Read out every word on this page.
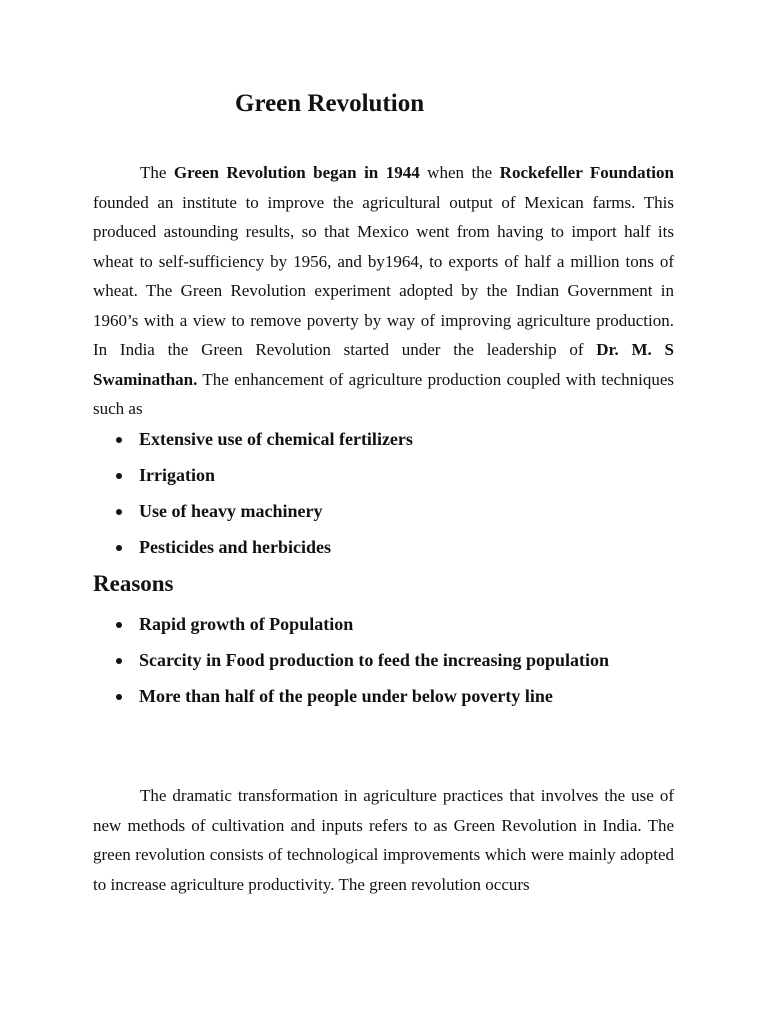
Green Revolution

The Green Revolution began in 1944 when the Rockefeller Foundation founded an institute to improve the agricultural output of Mexican farms. This produced astounding results, so that Mexico went from having to import half its wheat to self-sufficiency by 1956, and by1964, to exports of half a million tons of wheat. The Green Revolution experiment adopted by the Indian Government in 1960’s with a view to remove poverty by way of improving agriculture production. In India the Green Revolution started under the leadership of Dr. M. S Swaminathan. The enhancement of agriculture production coupled with techniques such as

Extensive use of chemical fertilizers
Irrigation
Use of heavy machinery
Pesticides and herbicides
Reasons
Rapid growth of Population
Scarcity in Food production to feed the increasing population
More than half of the people under below poverty line

The dramatic transformation in agriculture practices that involves the use of new methods of cultivation and inputs refers to as Green Revolution in India. The green revolution consists of technological improvements which were mainly adopted to increase agriculture productivity. The green revolution occurs
